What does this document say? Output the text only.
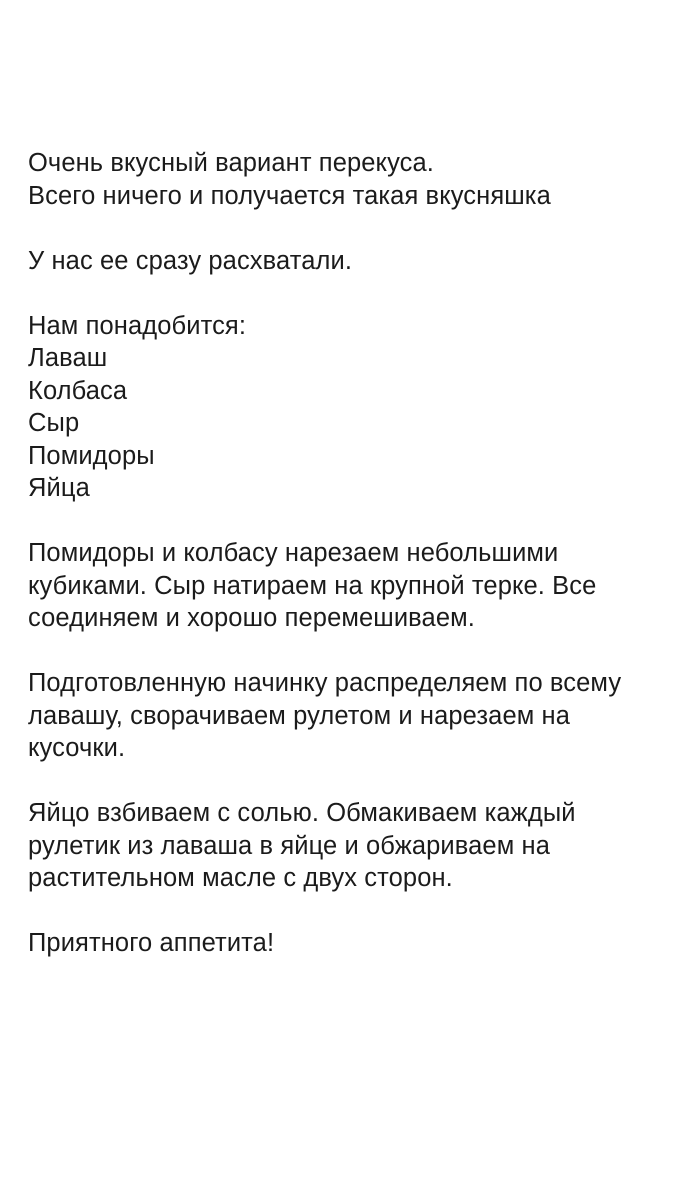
Очень вкусный вариант перекуса.
Всего ничего и получается такая вкусняшка
У нас ее сразу расхватали.
Нам понадобится:
Лаваш
Колбаса
Сыр
Помидоры
Яйца
Помидоры и колбасу нарезаем небольшими
кубиками. Сыр натираем на крупной терке. Все
соединяем и хорошо перемешиваем.
Подготовленную начинку распределяем по всему
лавашу, сворачиваем рулетом и нарезаем на
кусочки.
Яйцо взбиваем с солью. Обмакиваем каждый
рулетик из лаваша в яйце и обжариваем на
растительном масле с двух сторон.
Приятного аппетита!
